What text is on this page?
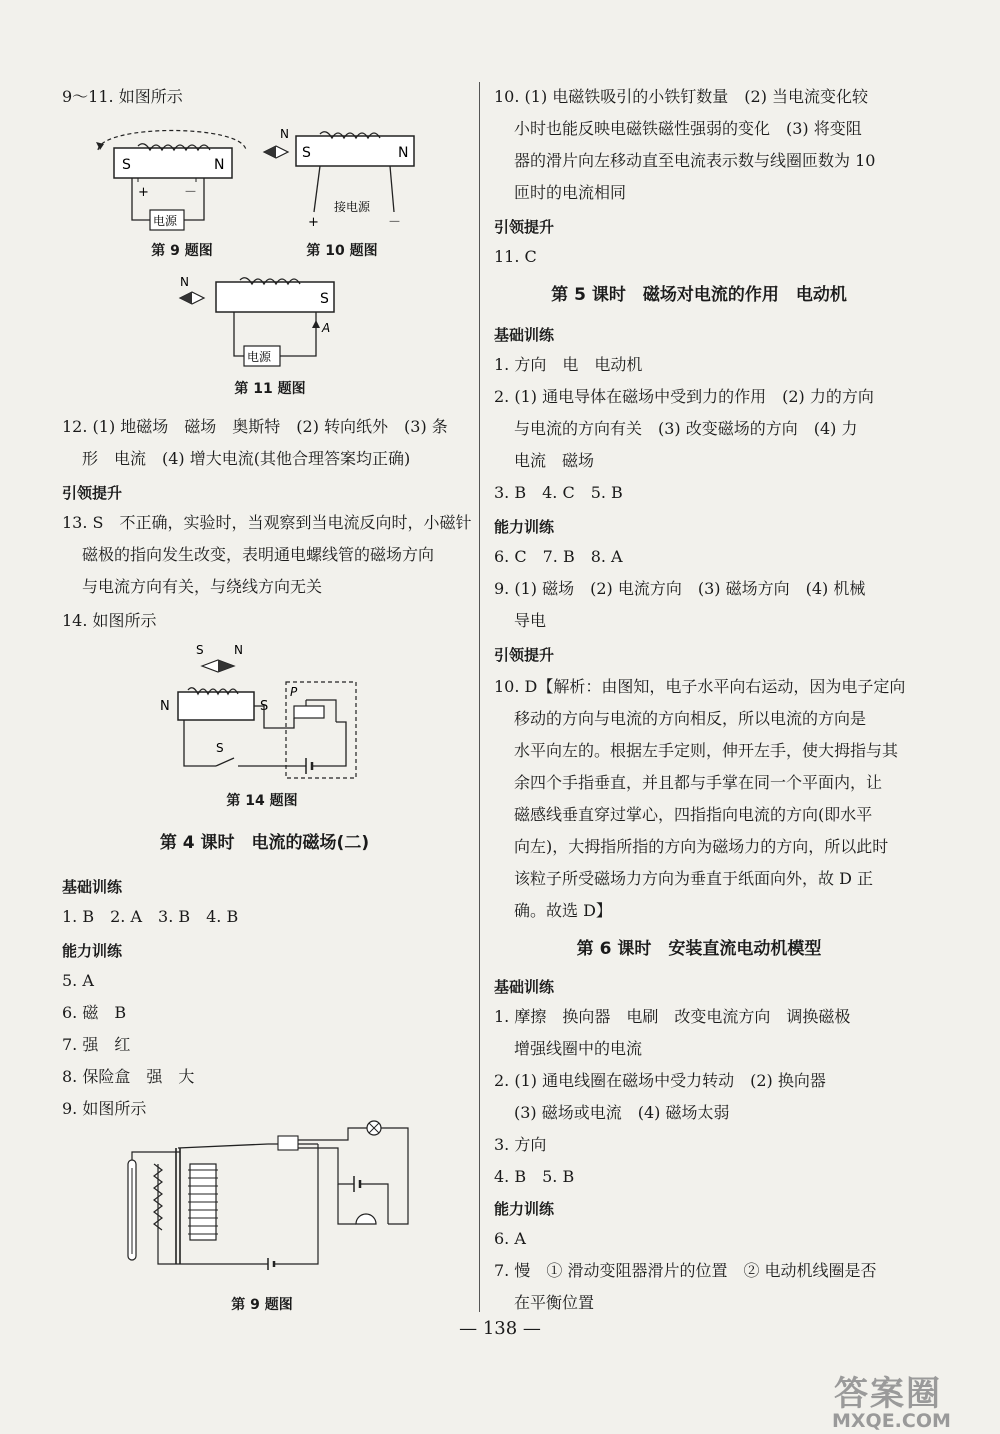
9～11. 如图所示
S	N
+	－
电源
第 9 题图
N
S	N
接电源
+	－
第 10 题图
N
S
电源
A
第 11 题图
12. (1) 地磁场　磁场　奥斯特　(2) 转向纸外　(3) 条
形　电流　(4) 增大电流(其他合理答案均正确)
引领提升
13. S　不正确，实验时，当观察到当电流反向时，小磁针
磁极的指向发生改变，表明通电螺线管的磁场方向
与电流方向有关，与绕线方向无关
14. 如图所示
S	N
N	S
P
S
第 14 题图
第 4 课时　电流的磁场(二)
基础训练
1. B　2. A　3. B　4. B
能力训练
5. A
6. 磁　B
7. 强　红
8. 保险盒　强　大
9. 如图所示
第 9 题图
10. (1) 电磁铁吸引的小铁钉数量　(2) 当电流变化较
小时也能反映电磁铁磁性强弱的变化　(3) 将变阻
器的滑片向左移动直至电流表示数与线圈匝数为 10
匝时的电流相同
引领提升
11. C
第 5 课时　磁场对电流的作用　电动机
基础训练
1. 方向　电　电动机
2. (1) 通电导体在磁场中受到力的作用　(2) 力的方向
与电流的方向有关　(3) 改变磁场的方向　(4) 力
电流　磁场
3. B　4. C　5. B
能力训练
6. C　7. B　8. A
9. (1) 磁场　(2) 电流方向　(3) 磁场方向　(4) 机械
导电
引领提升
10. D【解析：由图知，电子水平向右运动，因为电子定向
移动的方向与电流的方向相反，所以电流的方向是
水平向左的。根据左手定则，伸开左手，使大拇指与其
余四个手指垂直，并且都与手掌在同一个平面内，让
磁感线垂直穿过掌心，四指指向电流的方向(即水平
向左)，大拇指所指的方向为磁场力的方向，所以此时
该粒子所受磁场力方向为垂直于纸面向外，故 D 正
确。故选 D】
第 6 课时　安装直流电动机模型
基础训练
1. 摩擦　换向器　电刷　改变电流方向　调换磁极
增强线圈中的电流
2. (1) 通电线圈在磁场中受力转动　(2) 换向器
(3) 磁场或电流　(4) 磁场太弱
3. 方向
4. B　5. B
能力训练
6. A
7. 慢　① 滑动变阻器滑片的位置　② 电动机线圈是否
在平衡位置
— 138 —
答案圈
MXQE.COM
